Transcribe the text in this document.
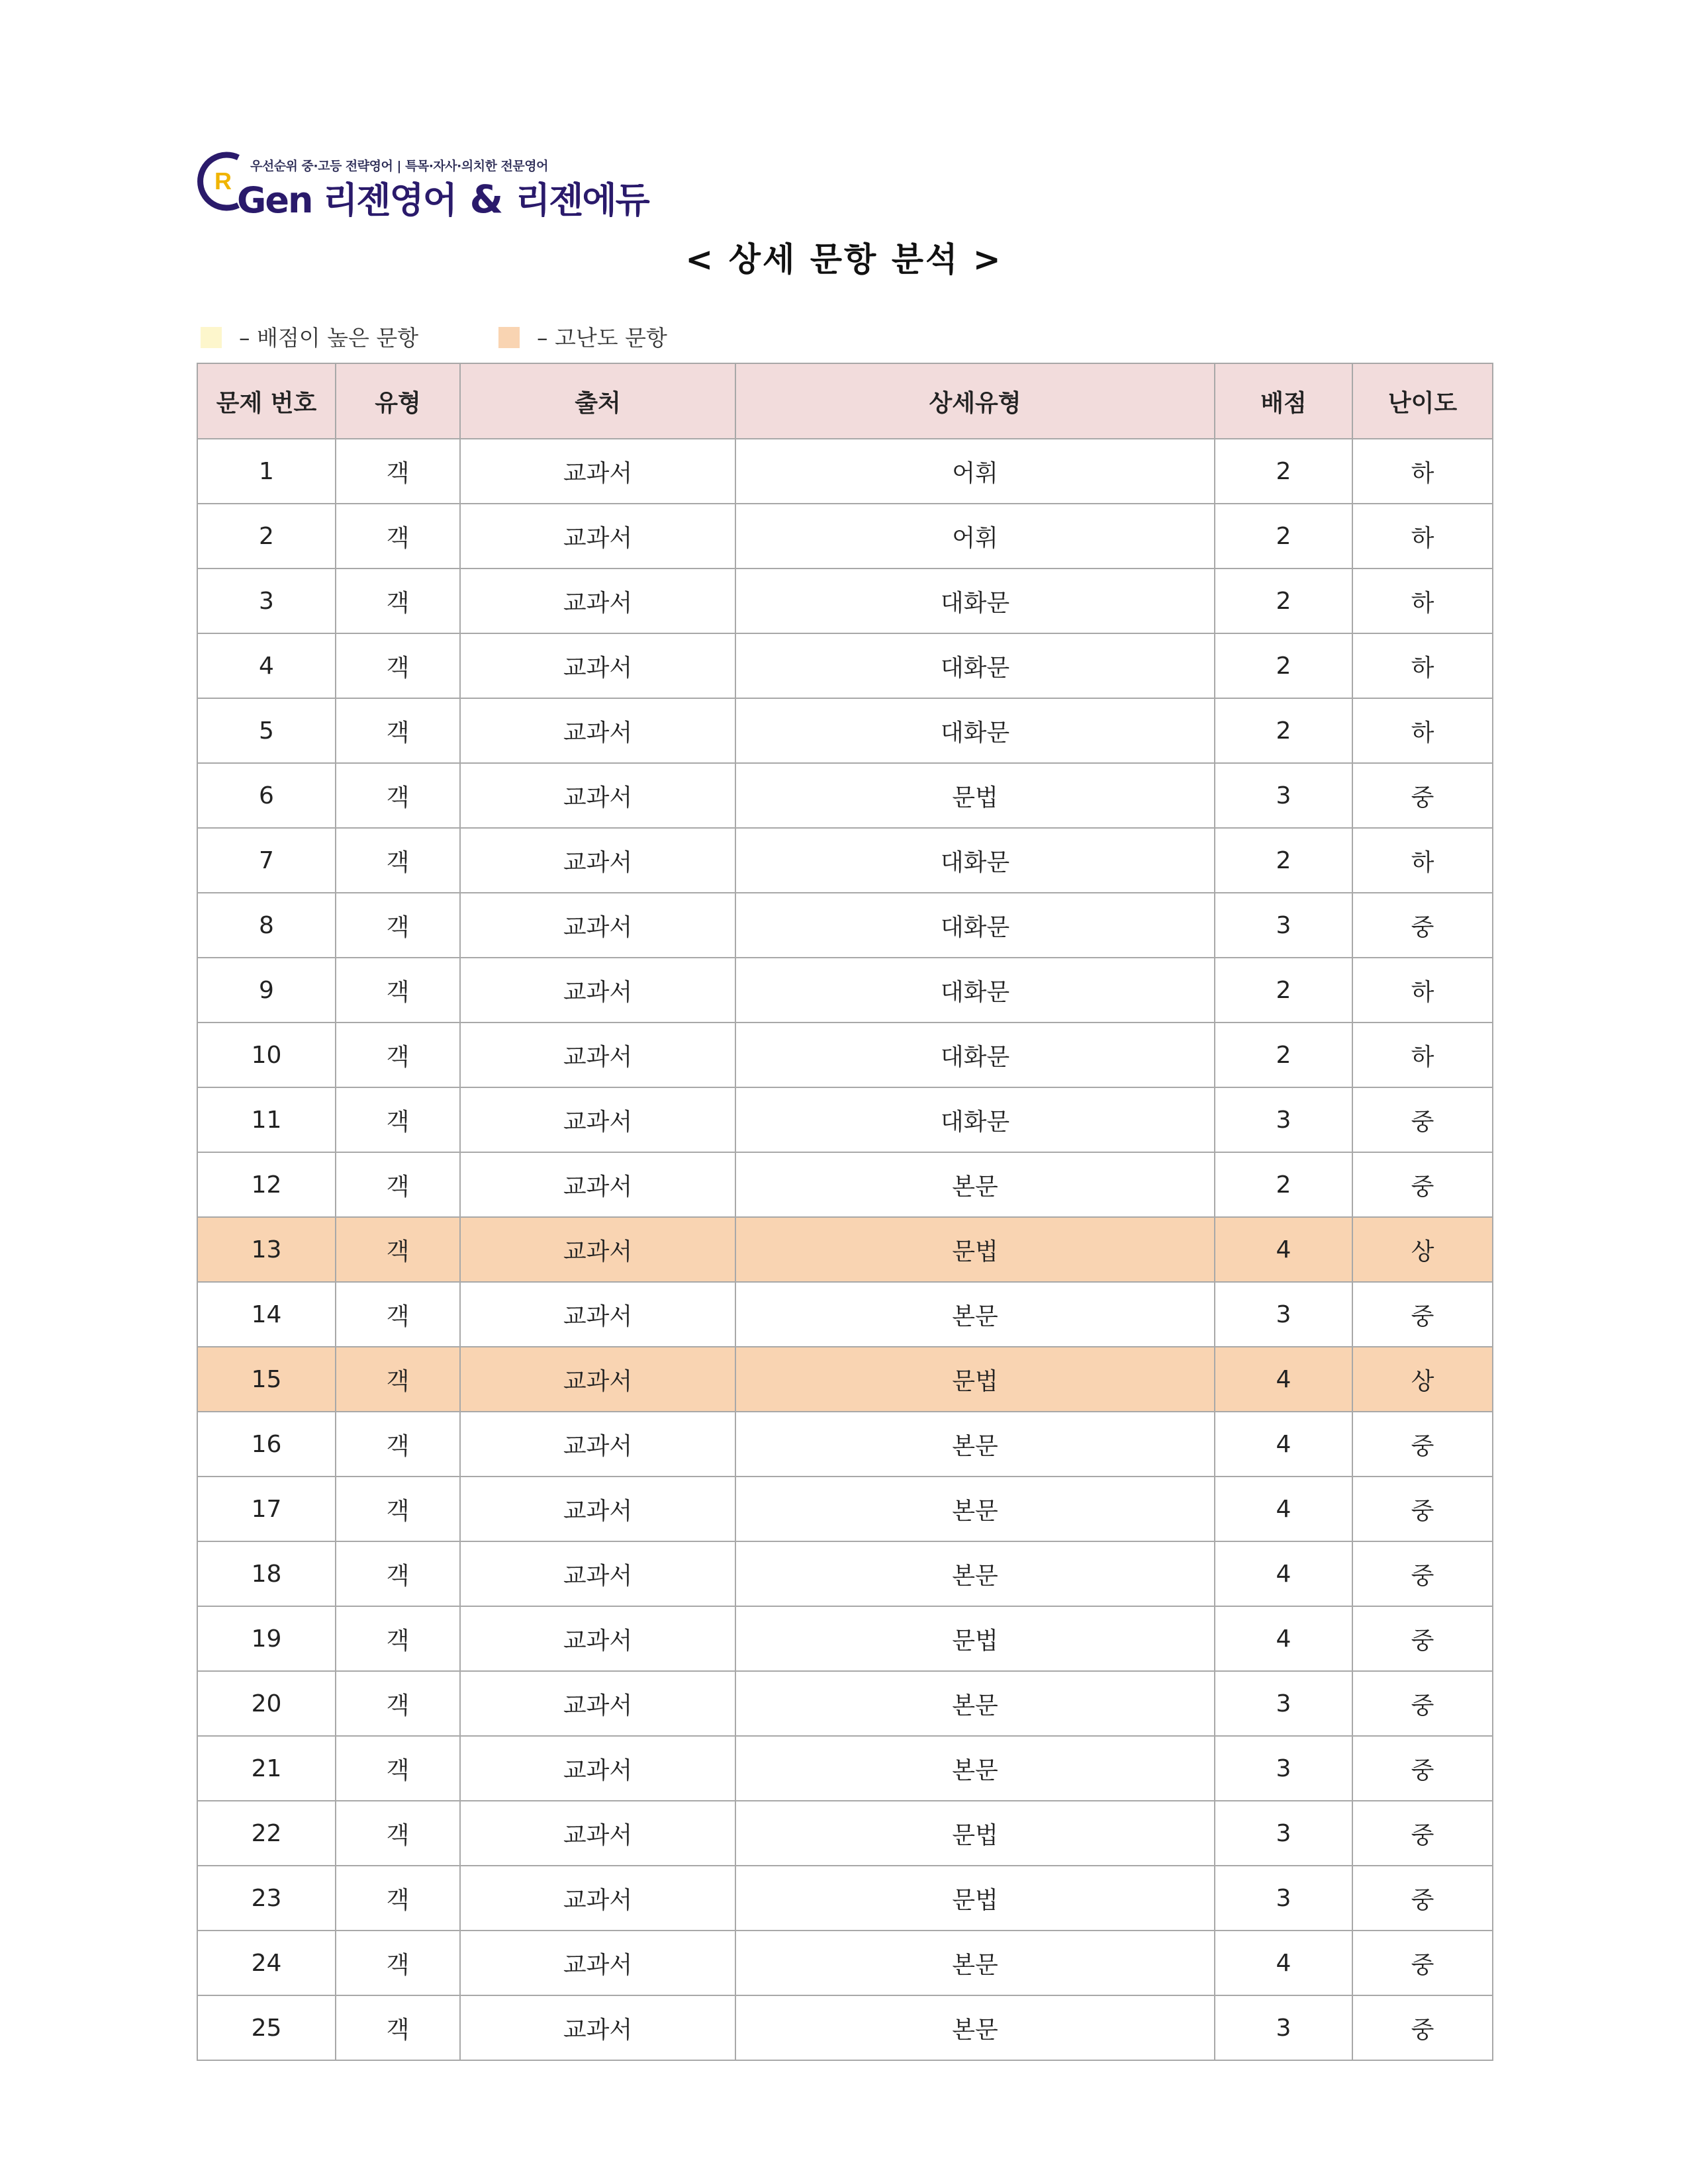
R
우선순위 중·고등 전략영어 | 특목·자사·의치한 전문영어
Gen 리젠영어 & 리젠에듀
< 상세 문항 분석 >
– 배점이 높은 문항	– 고난도 문항
문제 번호	유형	출처	상세유형	배점	난이도
1	객	교과서	어휘	2	하
2	객	교과서	어휘	2	하
3	객	교과서	대화문	2	하
4	객	교과서	대화문	2	하
5	객	교과서	대화문	2	하
6	객	교과서	문법	3	중
7	객	교과서	대화문	2	하
8	객	교과서	대화문	3	중
9	객	교과서	대화문	2	하
10	객	교과서	대화문	2	하
11	객	교과서	대화문	3	중
12	객	교과서	본문	2	중
13	객	교과서	문법	4	상
14	객	교과서	본문	3	중
15	객	교과서	문법	4	상
16	객	교과서	본문	4	중
17	객	교과서	본문	4	중
18	객	교과서	본문	4	중
19	객	교과서	문법	4	중
20	객	교과서	본문	3	중
21	객	교과서	본문	3	중
22	객	교과서	문법	3	중
23	객	교과서	문법	3	중
24	객	교과서	본문	4	중
25	객	교과서	본문	3	중
